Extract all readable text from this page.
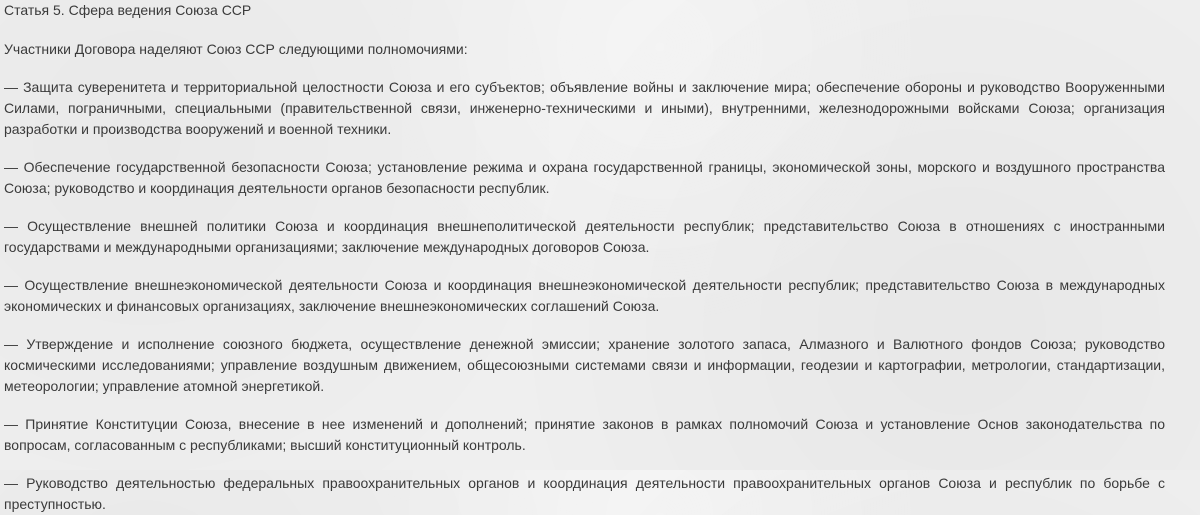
Статья 5. Сфера ведения Союза ССР

Участники Договора наделяют Союз ССР следующими полномочиями:

— Защита суверенитета и территориальной целостности Союза и его субъектов; объявление войны и заключение мира; обеспечение обороны и руководство Вооруженными Силами, пограничными, специальными (правительственной связи, инженерно-техническими и иными), внутренними, железнодорожными войсками Союза; организация разработки и производства вооружений и военной техники.

— Обеспечение государственной безопасности Союза; установление режима и охрана государственной границы, экономической зоны, морского и воздушного пространства Союза; руководство и координация деятельности органов безопасности республик.

— Осуществление внешней политики Союза и координация внешнеполитической деятельности республик; представительство Союза в отношениях с иностранными государствами и международными организациями; заключение международных договоров Союза.

— Осуществление внешнеэкономической деятельности Союза и координация внешнеэкономической деятельности республик; представительство Союза в международных экономических и финансовых организациях, заключение внешнеэкономических соглашений Союза.

— Утверждение и исполнение союзного бюджета, осуществление денежной эмиссии; хранение золотого запаса, Алмазного и Валютного фондов Союза; руководство космическими исследованиями; управление воздушным движением, общесоюзными системами связи и информации, геодезии и картографии, метрологии, стандартизации, метеорологии; управление атомной энергетикой.

— Принятие Конституции Союза, внесение в нее изменений и дополнений; принятие законов в рамках полномочий Союза и установление Основ законодательства по вопросам, согласованным с республиками; высший конституционный контроль.

— Руководство деятельностью федеральных правоохранительных органов и координация деятельности правоохранительных органов Союза и республик по борьбе с преступностью.
